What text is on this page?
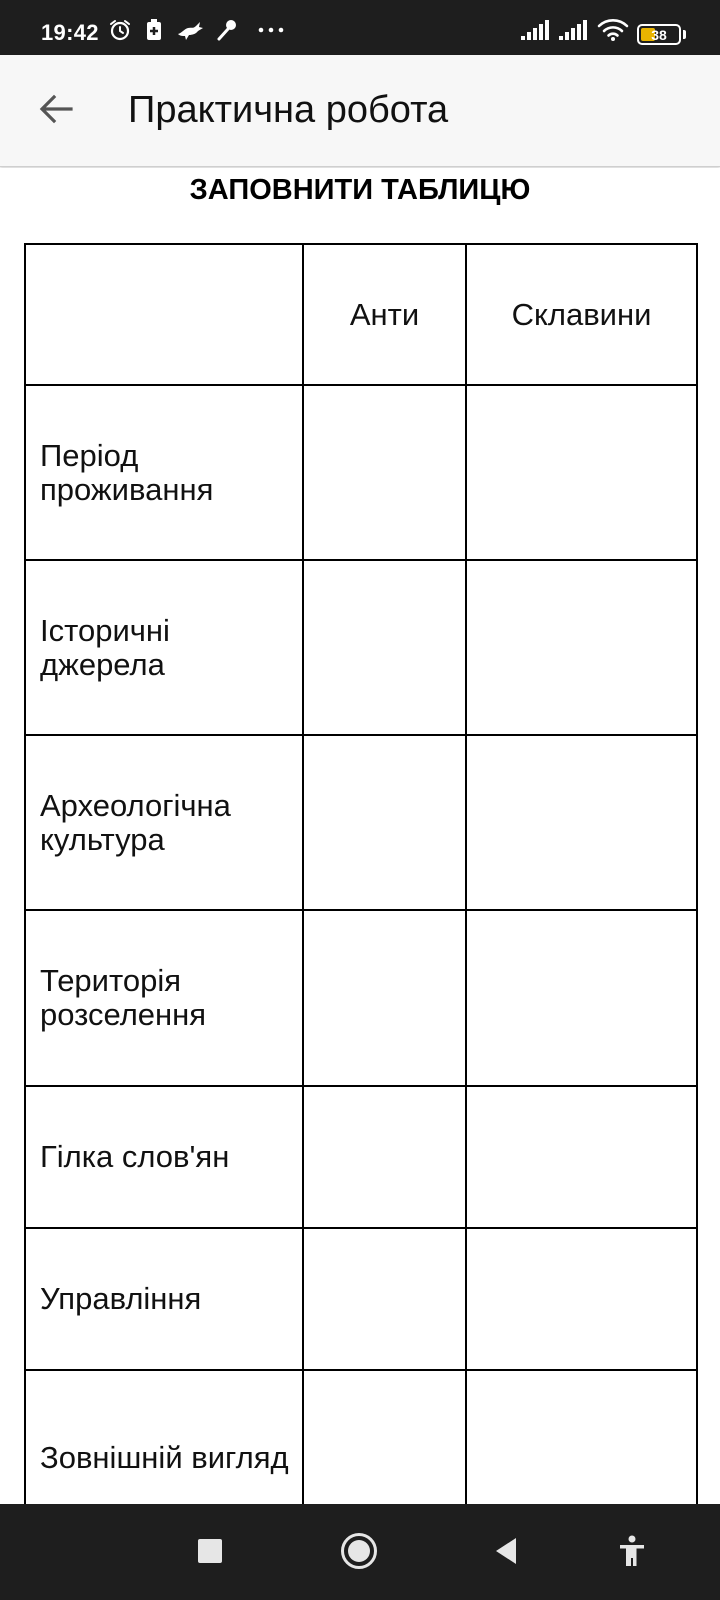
19:42	38
Практична робота
ЗАПОВНИТИ ТАБЛИЦЮ
	Анти	Склавини
Період проживання		
Історичні джерела		
Археологічна культура		
Територія розселення		
Гілка слов'ян		
Управління		
Зовнішній вигляд		
